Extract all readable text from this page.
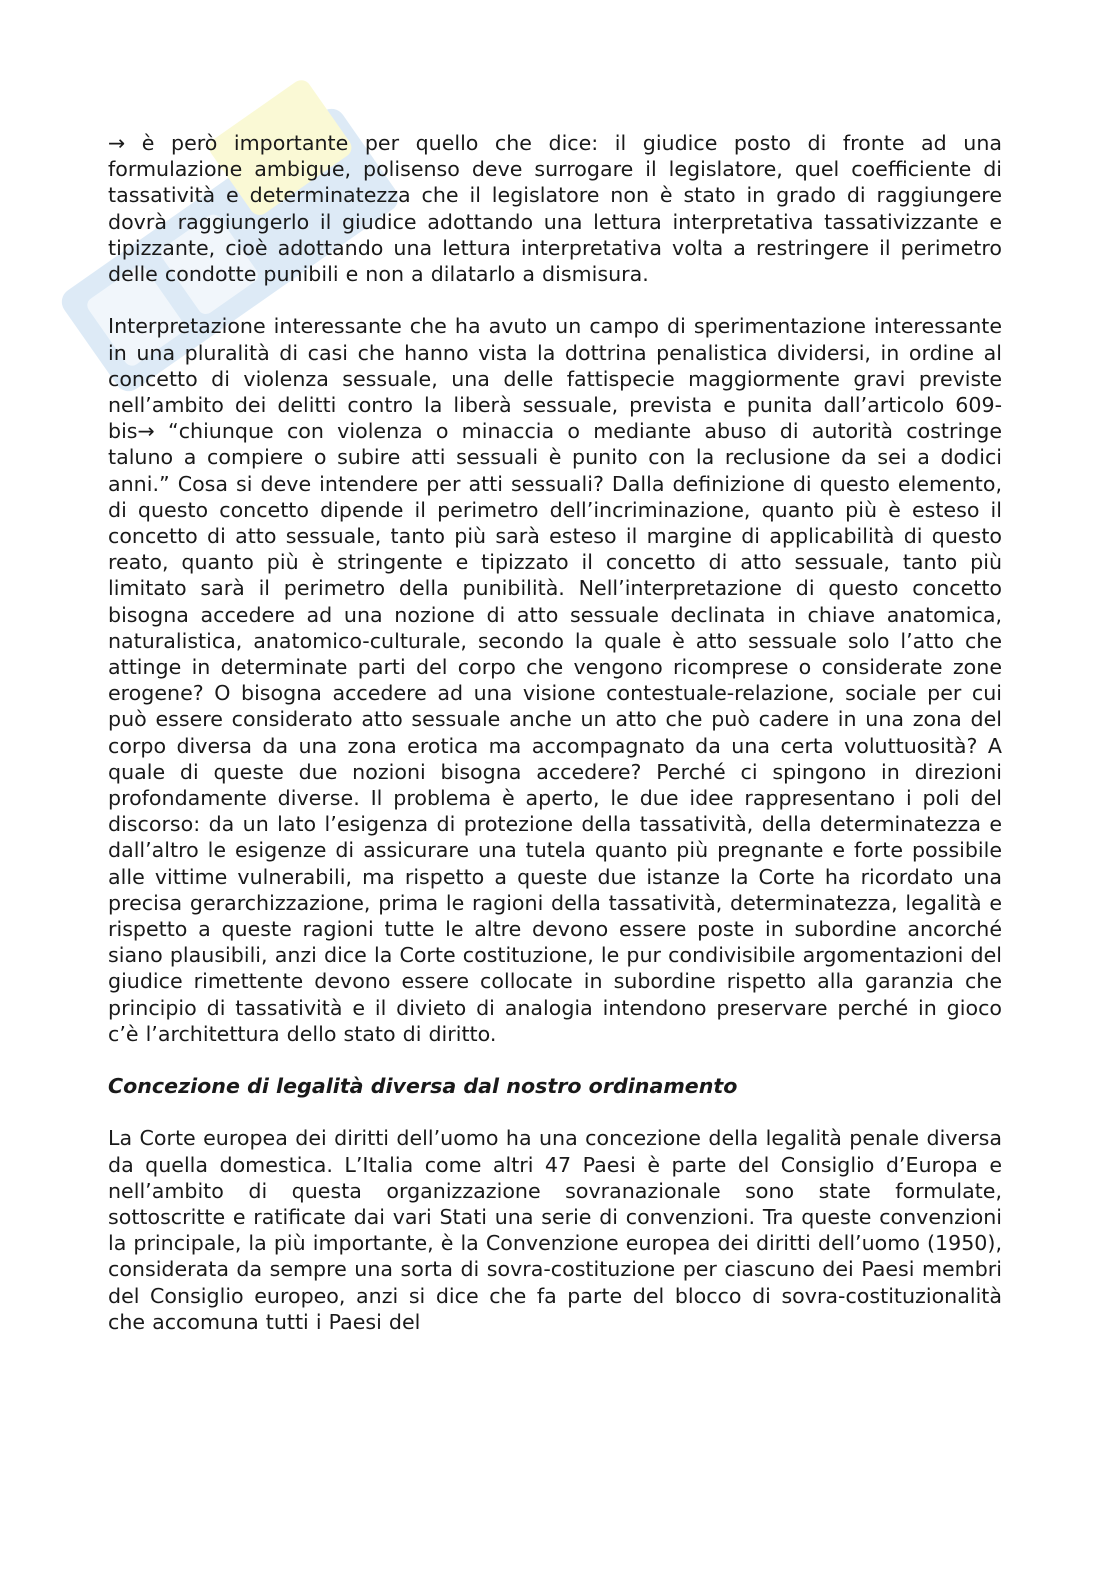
→ è però importante per quello che dice: il giudice posto di fronte ad una formulazione ambigue, polisenso deve surrogare il legislatore, quel coefficiente di tassatività e determinatezza che il legislatore non è stato in grado di raggiungere dovrà raggiungerlo il giudice adottando una lettura interpretativa tassativizzante e tipizzante, cioè adottando una lettura interpretativa volta a restringere il perimetro delle condotte punibili e non a dilatarlo a dismisura.

Interpretazione interessante che ha avuto un campo di sperimentazione interessante in una pluralità di casi che hanno vista la dottrina penalistica dividersi, in ordine al concetto di violenza sessuale, una delle fattispecie maggiormente gravi previste nell’ambito dei delitti contro la liberà sessuale, prevista e punita dall’articolo 609-bis→ “chiunque con violenza o minaccia o mediante abuso di autorità costringe taluno a compiere o subire atti sessuali è punito con la reclusione da sei a dodici anni.” Cosa si deve intendere per atti sessuali? Dalla definizione di questo elemento, di questo concetto dipende il perimetro dell’incriminazione, quanto più è esteso il concetto di atto sessuale, tanto più sarà esteso il margine di applicabilità di questo reato, quanto più è stringente e tipizzato il concetto di atto sessuale, tanto più limitato sarà il perimetro della punibilità. Nell’interpretazione di questo concetto bisogna accedere ad una nozione di atto sessuale declinata in chiave anatomica, naturalistica, anatomico-culturale, secondo la quale è atto sessuale solo l’atto che attinge in determinate parti del corpo che vengono ricomprese o considerate zone erogene? O bisogna accedere ad una visione contestuale-relazione, sociale per cui può essere considerato atto sessuale anche un atto che può cadere in una zona del corpo diversa da una zona erotica ma accompagnato da una certa voluttuosità? A quale di queste due nozioni bisogna accedere? Perché ci spingono in direzioni profondamente diverse. Il problema è aperto, le due idee rappresentano i poli del discorso: da un lato l’esigenza di protezione della tassatività, della determinatezza e dall’altro le esigenze di assicurare una tutela quanto più pregnante e forte possibile alle vittime vulnerabili, ma rispetto a queste due istanze la Corte ha ricordato una precisa gerarchizzazione, prima le ragioni della tassatività, determinatezza, legalità e rispetto a queste ragioni tutte le altre devono essere poste in subordine ancorché siano plausibili, anzi dice la Corte costituzione, le pur condivisibile argomentazioni del giudice rimettente devono essere collocate in subordine rispetto alla garanzia che principio di tassatività e il divieto di analogia intendono preservare perché in gioco c’è l’architettura dello stato di diritto.

Concezione di legalità diversa dal nostro ordinamento

La Corte europea dei diritti dell’uomo ha una concezione della legalità penale diversa da quella domestica. L’Italia come altri 47 Paesi è parte del Consiglio d’Europa e nell’ambito di questa organizzazione sovranazionale sono state formulate, sottoscritte e ratificate dai vari Stati una serie di convenzioni. Tra queste convenzioni la principale, la più importante, è la Convenzione europea dei diritti dell’uomo (1950), considerata da sempre una sorta di sovra-costituzione per ciascuno dei Paesi membri del Consiglio europeo, anzi si dice che fa parte del blocco di sovra-costituzionalità che accomuna tutti i Paesi del
